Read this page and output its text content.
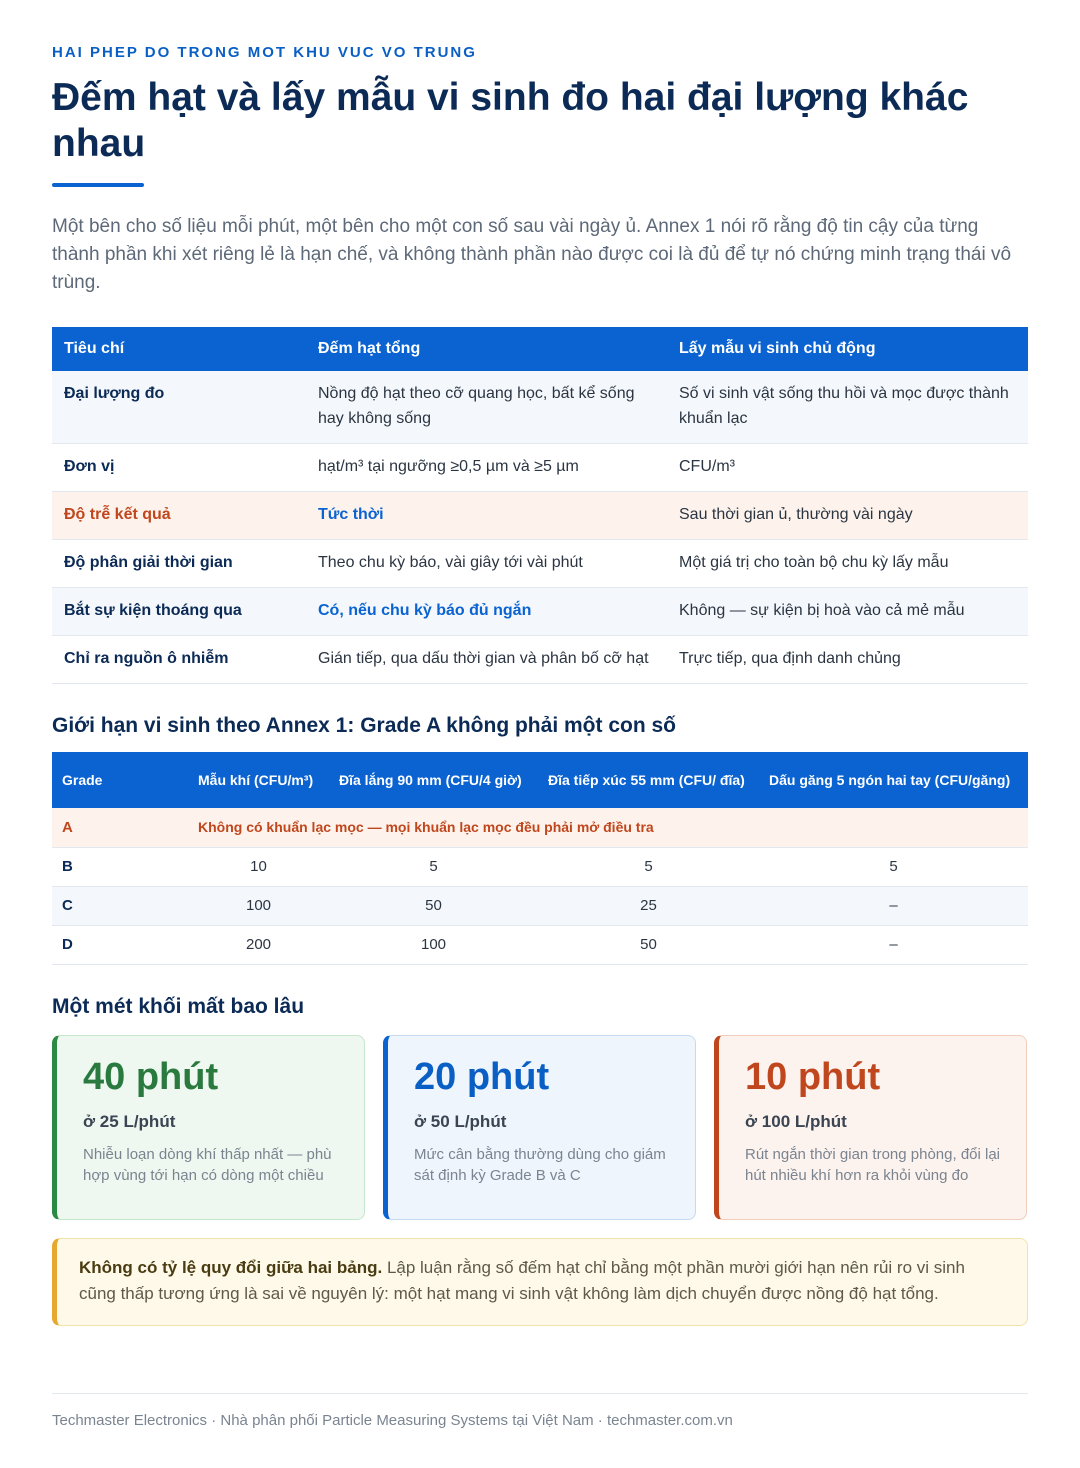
HAI PHEP DO TRONG MOT KHU VUC VO TRUNG
Đếm hạt và lấy mẫu vi sinh đo hai đại lượng khác nhau

Một bên cho số liệu mỗi phút, một bên cho một con số sau vài ngày ủ. Annex 1 nói rõ rằng độ tin cậy của từng thành phần khi xét riêng lẻ là hạn chế, và không thành phần nào được coi là đủ để tự nó chứng minh trạng thái vô trùng.

Tiêu chí	Đếm hạt tổng	Lấy mẫu vi sinh chủ động
Đại lượng đo	Nồng độ hạt theo cỡ quang học, bất kể sống hay không sống	Số vi sinh vật sống thu hồi và mọc được thành khuẩn lạc
Đơn vị	hạt/m³ tại ngưỡng ≥0,5 µm và ≥5 µm	CFU/m³
Độ trễ kết quả	Tức thời	Sau thời gian ủ, thường vài ngày
Độ phân giải thời gian	Theo chu kỳ báo, vài giây tới vài phút	Một giá trị cho toàn bộ chu kỳ lấy mẫu
Bắt sự kiện thoáng qua	Có, nếu chu kỳ báo đủ ngắn	Không — sự kiện bị hoà vào cả mẻ mẫu
Chỉ ra nguồn ô nhiễm	Gián tiếp, qua dấu thời gian và phân bố cỡ hạt	Trực tiếp, qua định danh chủng
Giới hạn vi sinh theo Annex 1: Grade A không phải một con số
Grade	Mẫu khí (CFU/m³)	Đĩa lắng 90 mm (CFU/4 giờ)	Đĩa tiếp xúc 55 mm (CFU/ đĩa)	Dấu găng 5 ngón hai tay (CFU/găng)
A	Không có khuẩn lạc mọc — mọi khuẩn lạc mọc đều phải mở điều tra			
B	10	5	5	5
C	100	50	25	–
D	200	100	50	–
Một mét khối mất bao lâu
40 phút
ở 25 L/phút
Nhiễu loạn dòng khí thấp nhất — phù hợp vùng tới hạn có dòng một chiều
20 phút
ở 50 L/phút
Mức cân bằng thường dùng cho giám sát định kỳ Grade B và C
10 phút
ở 100 L/phút
Rút ngắn thời gian trong phòng, đổi lại hút nhiều khí hơn ra khỏi vùng đo
Không có tỷ lệ quy đổi giữa hai bảng. Lập luận rằng số đếm hạt chỉ bằng một phần mười giới hạn nên rủi ro vi sinh cũng thấp tương ứng là sai về nguyên lý: một hạt mang vi sinh vật không làm dịch chuyển được nồng độ hạt tổng.
Techmaster Electronics · Nhà phân phối Particle Measuring Systems tại Việt Nam · techmaster.com.vn
